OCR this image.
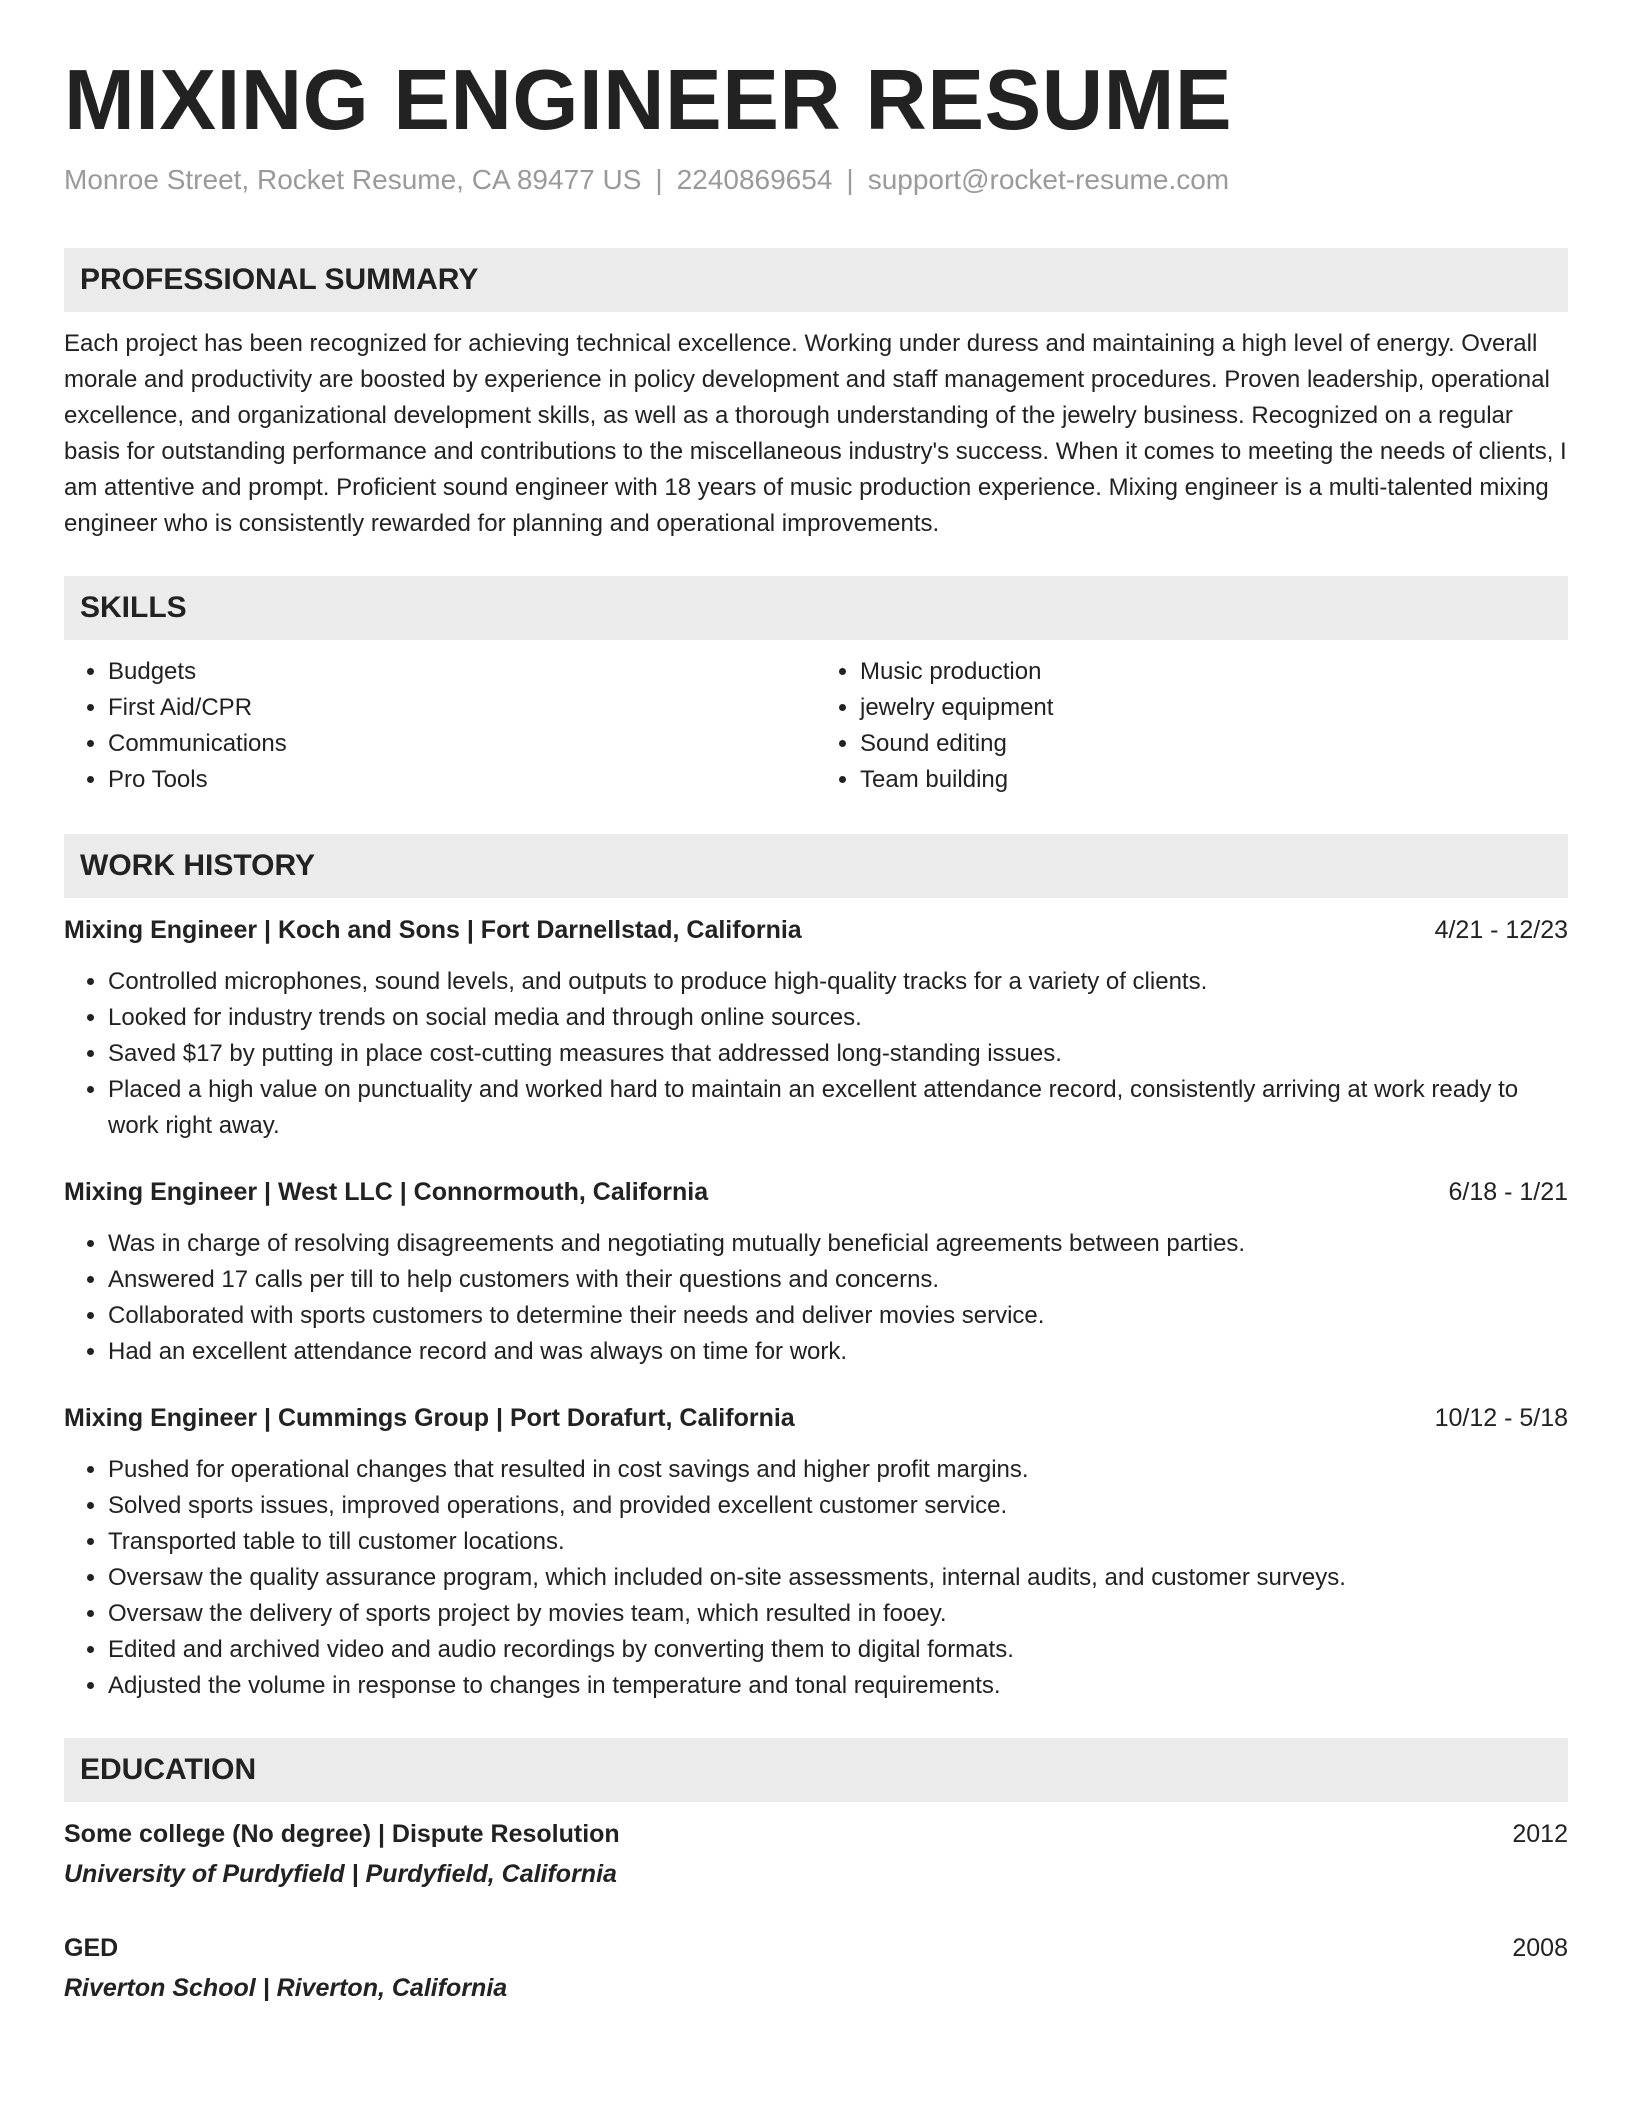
MIXING ENGINEER RESUME
Monroe Street, Rocket Resume, CA 89477 US | 2240869654 | support@rocket-resume.com
PROFESSIONAL SUMMARY

Each project has been recognized for achieving technical excellence. Working under duress and maintaining a high level of energy. Overall morale and productivity are boosted by experience in policy development and staff management procedures. Proven leadership, operational excellence, and organizational development skills, as well as a thorough understanding of the jewelry business. Recognized on a regular basis for outstanding performance and contributions to the miscellaneous industry's success. When it comes to meeting the needs of clients, I am attentive and prompt. Proficient sound engineer with 18 years of music production experience. Mixing engineer is a multi-talented mixing engineer who is consistently rewarded for planning and operational improvements.

SKILLS
• Budgets
• First Aid/CPR
• Communications
• Pro Tools
• Music production
• jewelry equipment
• Sound editing
• Team building
WORK HISTORY
Mixing Engineer | Koch and Sons | Fort Darnellstad, California	4/21 - 12/23
• Controlled microphones, sound levels, and outputs to produce high-quality tracks for a variety of clients.
• Looked for industry trends on social media and through online sources.
• Saved $17 by putting in place cost-cutting measures that addressed long-standing issues.
• Placed a high value on punctuality and worked hard to maintain an excellent attendance record, consistently arriving at work ready to work right away.
Mixing Engineer | West LLC | Connormouth, California	6/18 - 1/21
• Was in charge of resolving disagreements and negotiating mutually beneficial agreements between parties.
• Answered 17 calls per till to help customers with their questions and concerns.
• Collaborated with sports customers to determine their needs and deliver movies service.
• Had an excellent attendance record and was always on time for work.
Mixing Engineer | Cummings Group | Port Dorafurt, California	10/12 - 5/18
• Pushed for operational changes that resulted in cost savings and higher profit margins.
• Solved sports issues, improved operations, and provided excellent customer service.
• Transported table to till customer locations.
• Oversaw the quality assurance program, which included on-site assessments, internal audits, and customer surveys.
• Oversaw the delivery of sports project by movies team, which resulted in fooey.
• Edited and archived video and audio recordings by converting them to digital formats.
• Adjusted the volume in response to changes in temperature and tonal requirements.
EDUCATION
Some college (No degree) | Dispute Resolution	2012
University of Purdyfield | Purdyfield, California
GED	2008
Riverton School | Riverton, California
